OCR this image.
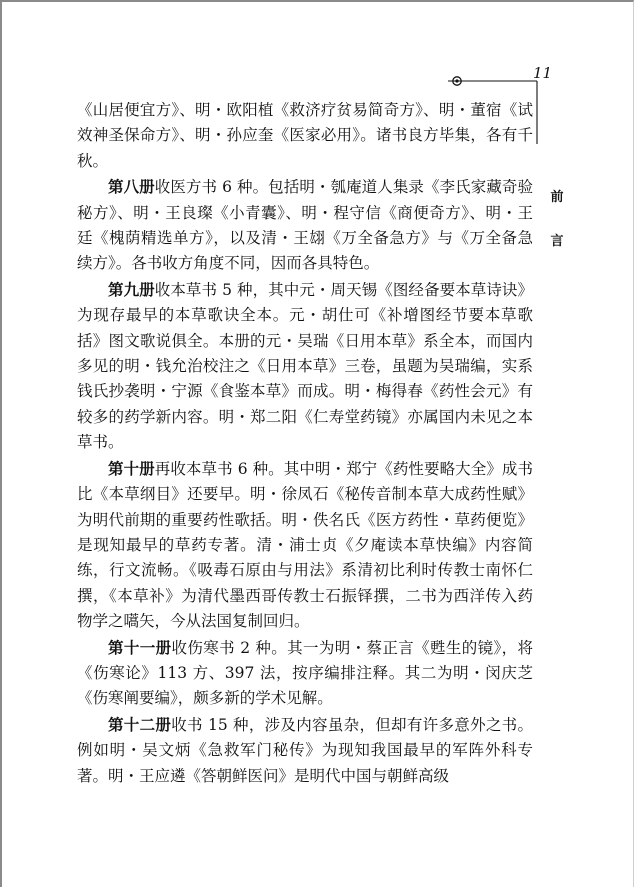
11
前
言

《山居便宜方》、明・欧阳植《救济疗贫易简奇方》、明・董宿《试效神圣保命方》、明・孙应奎《医家必用》。诸书良方毕集，各有千秋。

第八册收医方书 6 种。包括明・瓠庵道人集录《李氏家藏奇验秘方》、明・王良璨《小青囊》、明・程守信《商便奇方》、明・王廷《槐荫精选单方》，以及清・王翃《万全备急方》与《万全备急续方》。各书收方角度不同，因而各具特色。

第九册收本草书 5 种，其中元・周天锡《图经备要本草诗诀》为现存最早的本草歌诀全本。元・胡仕可《补增图经节要本草歌括》图文歌说俱全。本册的元・吴瑞《日用本草》系全本，而国内多见的明・钱允治校注之《日用本草》三卷，虽题为吴瑞编，实系钱氏抄袭明・宁源《食鉴本草》而成。明・梅得春《药性会元》有较多的药学新内容。明・郑二阳《仁寿堂药镜》亦属国内未见之本草书。

第十册再收本草书 6 种。其中明・郑宁《药性要略大全》成书比《本草纲目》还要早。明・徐凤石《秘传音制本草大成药性赋》为明代前期的重要药性歌括。明・佚名氏《医方药性・草药便览》是现知最早的草药专著。清・浦士贞《夕庵读本草快编》内容简练，行文流畅。《吸毒石原由与用法》系清初比利时传教士南怀仁撰，《本草补》为清代墨西哥传教士石振铎撰，二书为西洋传入药物学之嚆矢，今从法国复制回归。

第十一册收伤寒书 2 种。其一为明・蔡正言《甦生的镜》，将《伤寒论》113 方、397 法，按序编排注释。其二为明・闵庆芝《伤寒阐要编》，颇多新的学术见解。

第十二册收书 15 种，涉及内容虽杂，但却有许多意外之书。例如明・吴文炳《急救军门秘传》为现知我国最早的军阵外科专著。明・王应遴《答朝鲜医问》是明代中国与朝鲜高级
